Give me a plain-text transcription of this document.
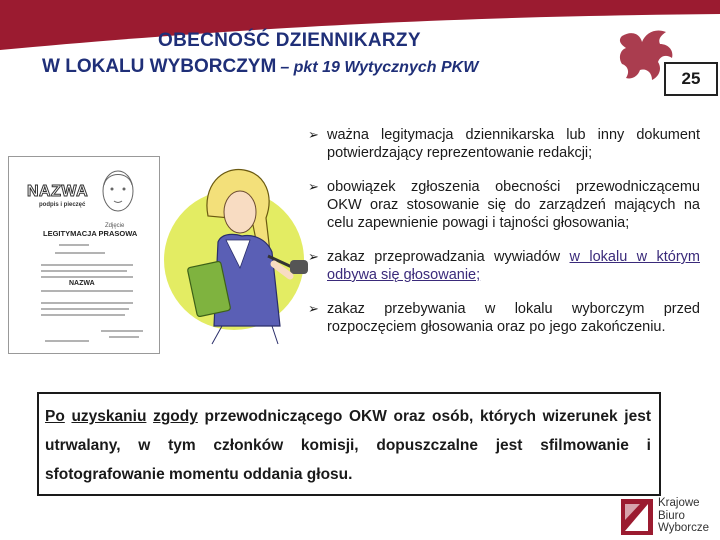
OBECNOŚĆ DZIENNIKARZY
W LOKALU WYBORCZYM – pkt 19 Wytycznych PKW
25
NAZWA
podpis i pieczęć
Zdjęcie
LEGITYMACJA PRASOWA
NAZWA
➢ ważna legitymacja dziennikarska lub inny dokument potwierdzający reprezentowanie redakcji;
➢ obowiązek zgłoszenia obecności przewodniczącemu OKW oraz stosowanie się do zarządzeń mających na celu zapewnienie powagi i tajności głosowania;
➢ zakaz przeprowadzania wywiadów w lokalu w którym odbywa się głosowanie;
➢ zakaz przebywania w lokalu wyborczym przed rozpoczęciem głosowania oraz po jego zakończeniu.
Po uzyskaniu zgody przewodniczącego OKW oraz osób, których wizerunek jest utrwalany, w tym członków komisji, dopuszczalne jest sfilmowanie i sfotografowanie momentu oddania głosu.
Krajowe
Biuro
Wyborcze
